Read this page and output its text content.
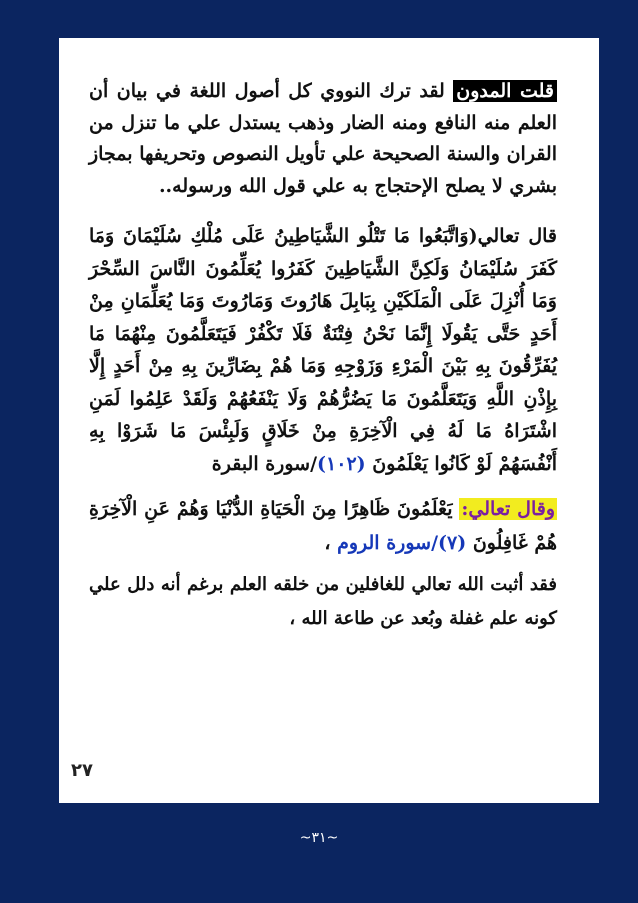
قلت المدون لقد ترك النووي كل أصول اللغة في بيان أن العلم منه النافع ومنه الضار وذهب يستدل علي ما تنزل من القران والسنة الصحيحة علي تأويل النصوص وتحريفها بمجاز بشري لا يصلح الإحتجاج به علي قول الله ورسوله..
قال تعالي(وَاتَّبَعُوا مَا تَتْلُو الشَّيَاطِينُ عَلَى مُلْكِ سُلَيْمَانَ وَمَا كَفَرَ سُلَيْمَانُ وَلَكِنَّ الشَّيَاطِينَ كَفَرُوا يُعَلِّمُونَ النَّاسَ السِّحْرَ وَمَا أُنْزِلَ عَلَى الْمَلَكَيْنِ بِبَابِلَ هَارُوتَ وَمَارُوتَ وَمَا يُعَلِّمَانِ مِنْ أَحَدٍ حَتَّى يَقُولَا إِنَّمَا نَحْنُ فِتْنَةٌ فَلَا تَكْفُرْ فَيَتَعَلَّمُونَ مِنْهُمَا مَا يُفَرِّقُونَ بِهِ بَيْنَ الْمَرْءِ وَزَوْجِهِ وَمَا هُمْ بِضَارِّينَ بِهِ مِنْ أَحَدٍ إِلَّا بِإِذْنِ اللَّهِ وَيَتَعَلَّمُونَ مَا يَضُرُّهُمْ وَلَا يَنْفَعُهُمْ وَلَقَدْ عَلِمُوا لَمَنِ اشْتَرَاهُ مَا لَهُ فِي الْآخِرَةِ مِنْ خَلَاقٍ وَلَبِئْسَ مَا شَرَوْا بِهِ أَنْفُسَهُمْ لَوْ كَانُوا يَعْلَمُونَ (١٠٢)/سورة البقرة
وقال تعالي: يَعْلَمُونَ ظَاهِرًا مِنَ الْحَيَاةِ الدُّنْيَا وَهُمْ عَنِ الْآخِرَةِ هُمْ غَافِلُونَ (٧)/سورة الروم ،
فقد أثبت الله تعالي للغافلين من خلقه العلم برغم أنه دلل علي كونه علم غفلة وبُعد عن طاعة الله ،
٢٧
~٣١~
